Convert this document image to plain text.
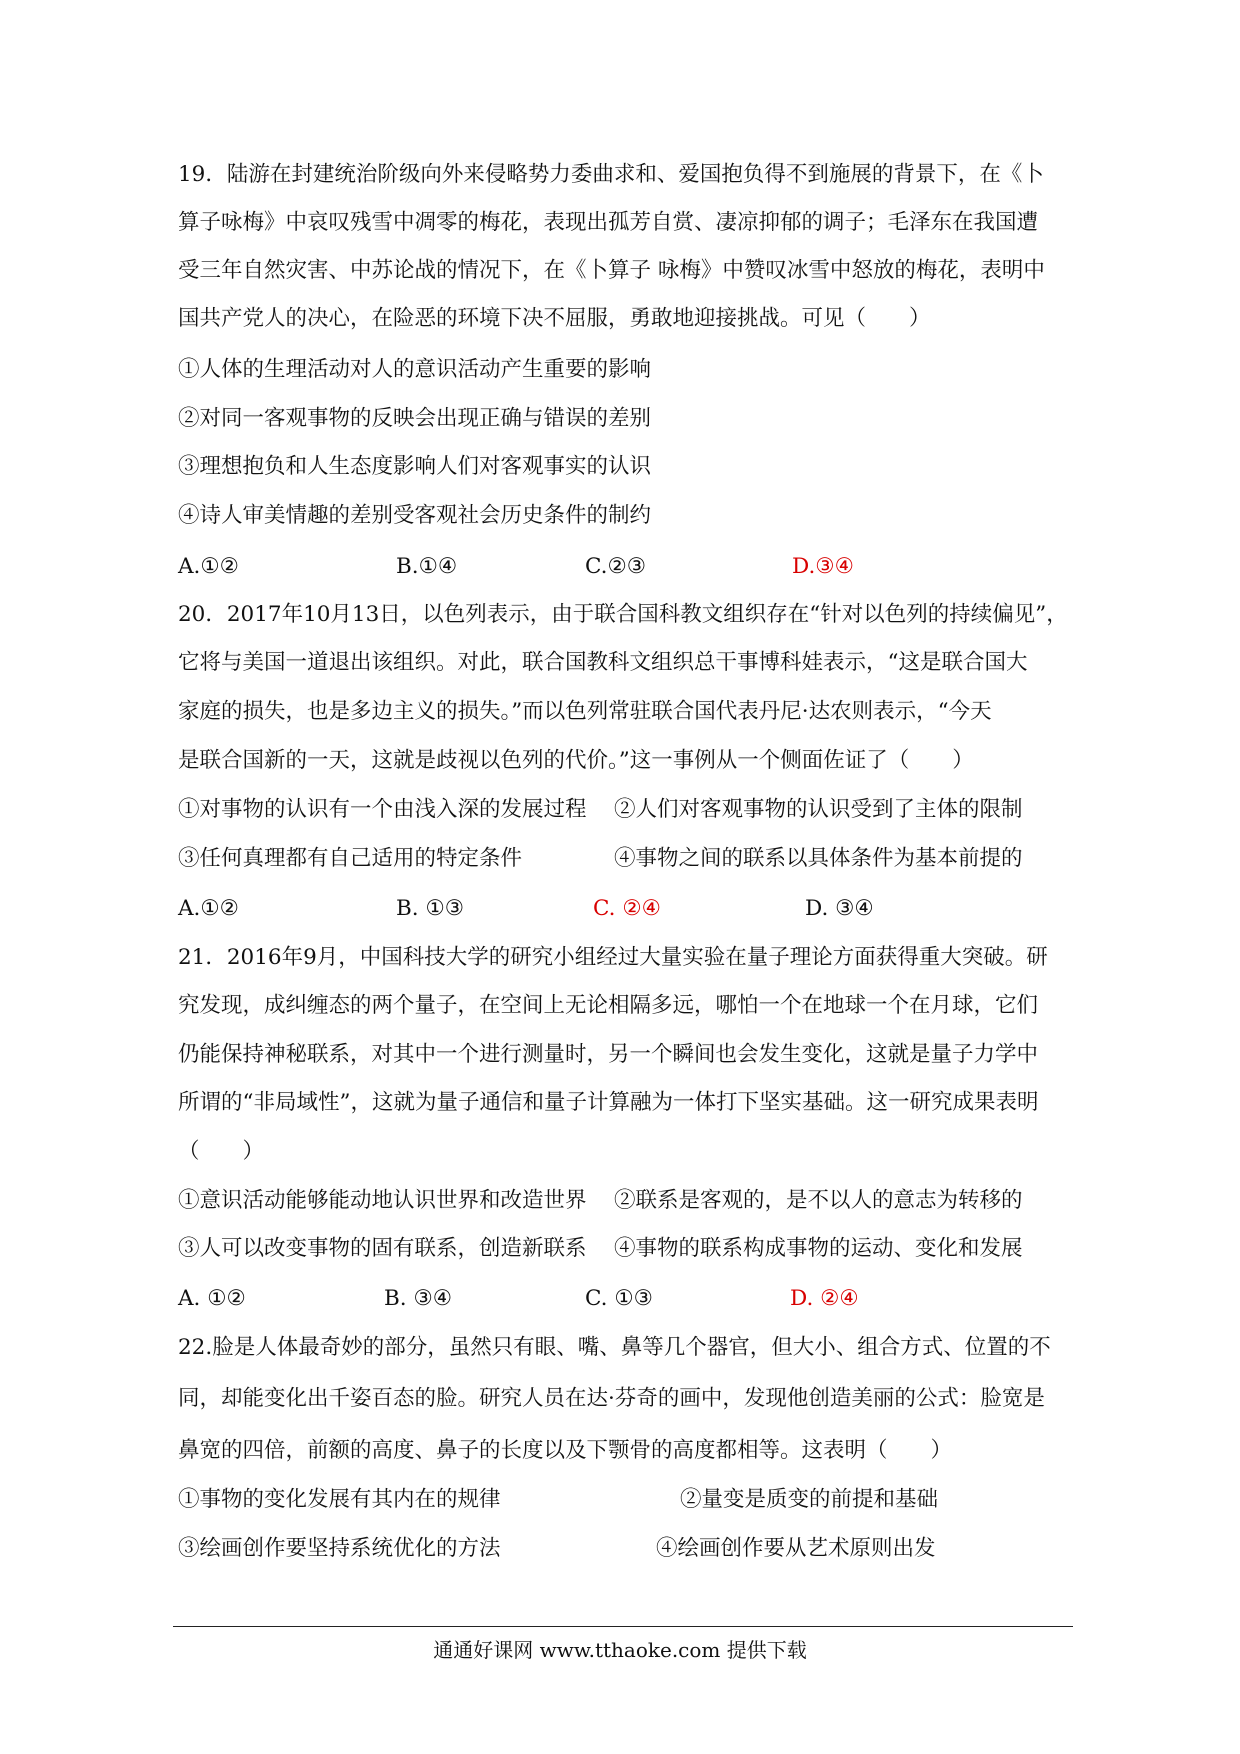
19．陆游在封建统治阶级向外来侵略势力委曲求和、爱国抱负得不到施展的背景下，在《卜
算子咏梅》中哀叹残雪中凋零的梅花，表现出孤芳自赏、凄凉抑郁的调子；毛泽东在我国遭
受三年自然灾害、中苏论战的情况下，在《卜算子 咏梅》中赞叹冰雪中怒放的梅花，表明中
国共产党人的决心，在险恶的环境下决不屈服，勇敢地迎接挑战。可见（　　）
①人体的生理活动对人的意识活动产生重要的影响
②对同一客观事物的反映会出现正确与错误的差别
③理想抱负和人生态度影响人们对客观事实的认识
④诗人审美情趣的差别受客观社会历史条件的制约
A.①②	B.①④	C.②③	D.③④
20．2017年10月13日，以色列表示，由于联合国科教文组织存在“针对以色列的持续偏见”，
它将与美国一道退出该组织。对此，联合国教科文组织总干事博科娃表示，“这是联合国大
家庭的损失，也是多边主义的损失。”而以色列常驻联合国代表丹尼·达农则表示，“今天
是联合国新的一天，这就是歧视以色列的代价。”这一事例从一个侧面佐证了（　　）
①对事物的认识有一个由浅入深的发展过程 ②人们对客观事物的认识受到了主体的限制
③任何真理都有自己适用的特定条件	④事物之间的联系以具体条件为基本前提的
A.①②	B. ①③	C. ②④	D. ③④
21．2016年9月，中国科技大学的研究小组经过大量实验在量子理论方面获得重大突破。研
究发现，成纠缠态的两个量子，在空间上无论相隔多远，哪怕一个在地球一个在月球，它们
仍能保持神秘联系，对其中一个进行测量时，另一个瞬间也会发生变化，这就是量子力学中
所谓的“非局域性”，这就为量子通信和量子计算融为一体打下坚实基础。这一研究成果表明
（　　）
①意识活动能够能动地认识世界和改造世界 ②联系是客观的，是不以人的意志为转移的
③人可以改变事物的固有联系，创造新联系 ④事物的联系构成事物的运动、变化和发展
A. ①②	B. ③④	C. ①③	D. ②④
22.脸是人体最奇妙的部分，虽然只有眼、嘴、鼻等几个器官，但大小、组合方式、位置的不
同，却能变化出千姿百态的脸。研究人员在达·芬奇的画中，发现他创造美丽的公式：脸宽是
鼻宽的四倍，前额的高度、鼻子的长度以及下颚骨的高度都相等。这表明（　　）
①事物的变化发展有其内在的规律	②量变是质变的前提和基础
③绘画创作要坚持系统优化的方法	④绘画创作要从艺术原则出发
通通好课网 www.tthaoke.com 提供下载
